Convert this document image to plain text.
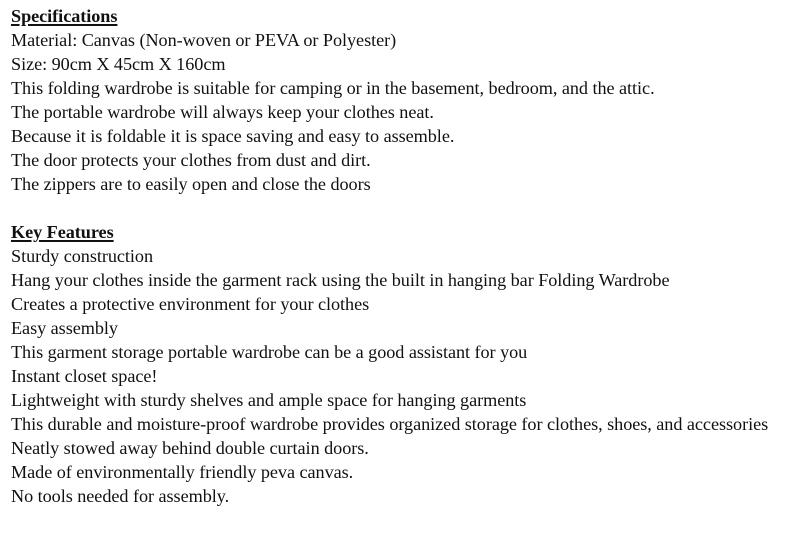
Specifications
Material: Canvas (Non-woven or PEVA or Polyester)
Size: 90cm X 45cm X 160cm
This folding wardrobe is suitable for camping or in the basement, bedroom, and the attic.
The portable wardrobe will always keep your clothes neat.
Because it is foldable it is space saving and easy to assemble.
The door protects your clothes from dust and dirt.
The zippers are to easily open and close the doors
Key Features
Sturdy construction
Hang your clothes inside the garment rack using the built in hanging bar Folding Wardrobe
Creates a protective environment for your clothes
Easy assembly
This garment storage portable wardrobe can be a good assistant for you
Instant closet space!
Lightweight with sturdy shelves and ample space for hanging garments
This durable and moisture-proof wardrobe provides organized storage for clothes, shoes, and accessories
Neatly stowed away behind double curtain doors.
Made of environmentally friendly peva canvas.
No tools needed for assembly.
